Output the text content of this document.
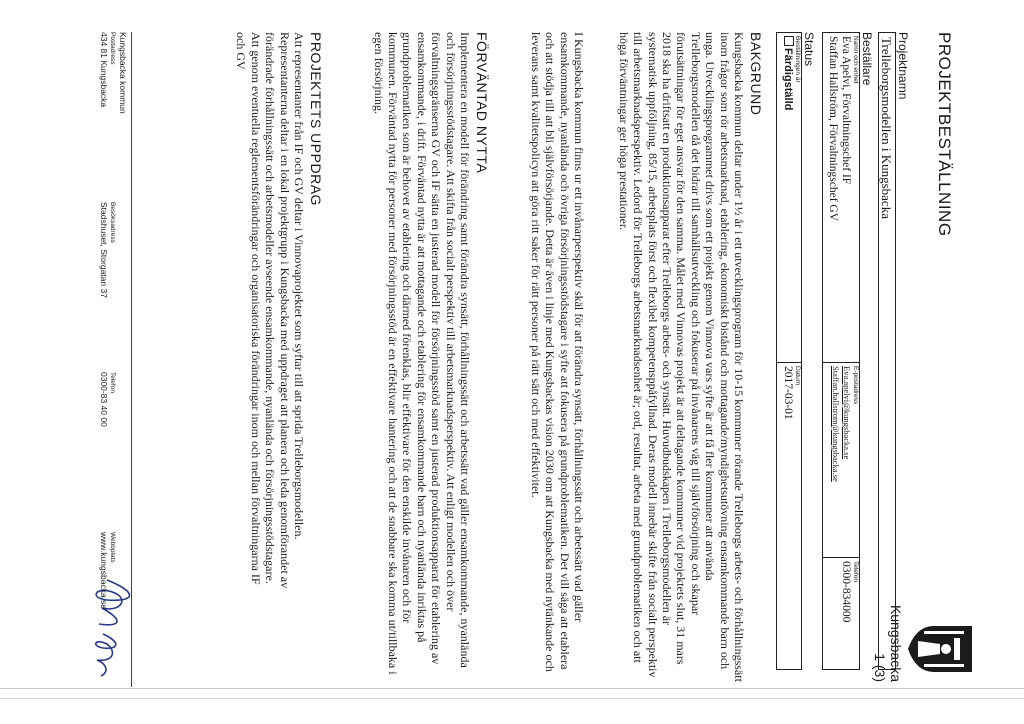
PROJEKTBESTÄLLNING
Kungsbacka
1 (3)
Projektnamn
Trelleborgsmodellen i Kungsbacka
Beställare
Namn och enhet
Eva Apelvi, Förvaltningschef IF
Staffan Hallström, Förvaltningschef GV
E-postadress
Eva.apelvi@kungsbacka.se
Staffan.hallstrom@kungsbacka.se
Telefon
0300-834000
Status
Beställningen är
Färdigställd
Datum
2017-03-01
BAKGRUND
Kungsbacka kommun deltar under 1½ år i ett utvecklingsprogram för 10-15 kommuner rörande Trelleborgs arbets- och förhållningssätt inom frågor som rör arbetsmarknad, etablering, ekonomiskt bistånd och mottagande/myndighetsutövning ensamkommande barn och unga. Utvecklingsprogrammet drivs som ett projekt genom Vinnova vars syfte är att få fler kommuner att använda Trelleborgsmodellen då det bidrar till samhällsutveckling och fokuserar på invånarens väg till självförsörjning och skapar förutsättningar för eget ansvar för den samma. Målet med Vinnovas projekt är att deltagande kommuner vid projektets slut, 31 mars 2018 ska ha driftsatt en produktionsapparat efter Trelleborgs arbets- och synsätt. Huvudbudskapen i Trelleborgsmodellen är systematisk uppföljning, 85/15, arbetsplats först och flexibel kompetensppåfyllnad. Deras modell innebär skifte från socialt perspektiv till arbetsmarknadsperspektiv. Ledord för Trelleborgs arbetsmarknadsenhet är; ord, resultat, arbeta med grundproblematiken och att höga förväntningar ger höga prestationer.
I Kungsbacka kommun finns ur ett invånarperspektiv skäl för att förändra synsätt, förhållningssätt och arbetssätt vad gäller ensamkommande, nyanlända och övriga försörjningsstödstagare i syfte att fokusera på grundproblematiken. Det vill säga att etablera och att stödja till att bli självförsörjande. Detta är även i linje med Kungsbackas vision 2030 om att Kungsbacka med nytänkande och leverans samt kvalitetspolicyn att göra ritt saker för rätt personer på rätt sätt och med effektivitet.
FÖRVÄNTAD NYTTA
Implementera en modell för förändring samt förändra synsätt, förhållningssätt och arbetssätt vad gäller ensamkommande, nyanlända och försörjningsstödstagare. Att skifta från socialt perspektiv till arbetsmarknadsperspektiv. Att enligt modellen och över förvaltningsgränserna GV och IF sätta en justerad modell för försörjningsstöd samt en justerad produktionsapparat för etablering av ensamkommande, i drift. Förväntad nytta är att mottagande och etablering för ensamkommande barn och nyanlända inriktas på grundproblematiken som är behovet av etablering och därmed förenklas, blir effektivare för den enskilde invånaren och för kommunen. Förväntad nytta för personer med försörjningsstöd är en effektivare hantering och att de snabbare ska komma ut/tillbaka i egen försörjning.
PROJEKTETS UPPDRAG
Att representanter från IF och GV deltar i Vinnovaprojektet som syftar till att sprida Trelleborgsmodellen. Representanterna deltar i en lokal projektgrupp i Kungsbacka med uppdraget att planera och leda genomförandet av förändrade förhållningssätt och arbetsmodeller avseende ensamkommande, nyanlända och försörjningsstödstagare. Att genom eventuella reglementsförändringar och organisatoriska förändringar inom och mellan förvaltningarna IF och GV
Kungsbacka kommun
Postadress
434 81 Kungsbacka
Besöksadress
Stadshuset, Storgatan 37
Telefon
0300-83 40 00
Webbplats
www.kungsbacka.se
